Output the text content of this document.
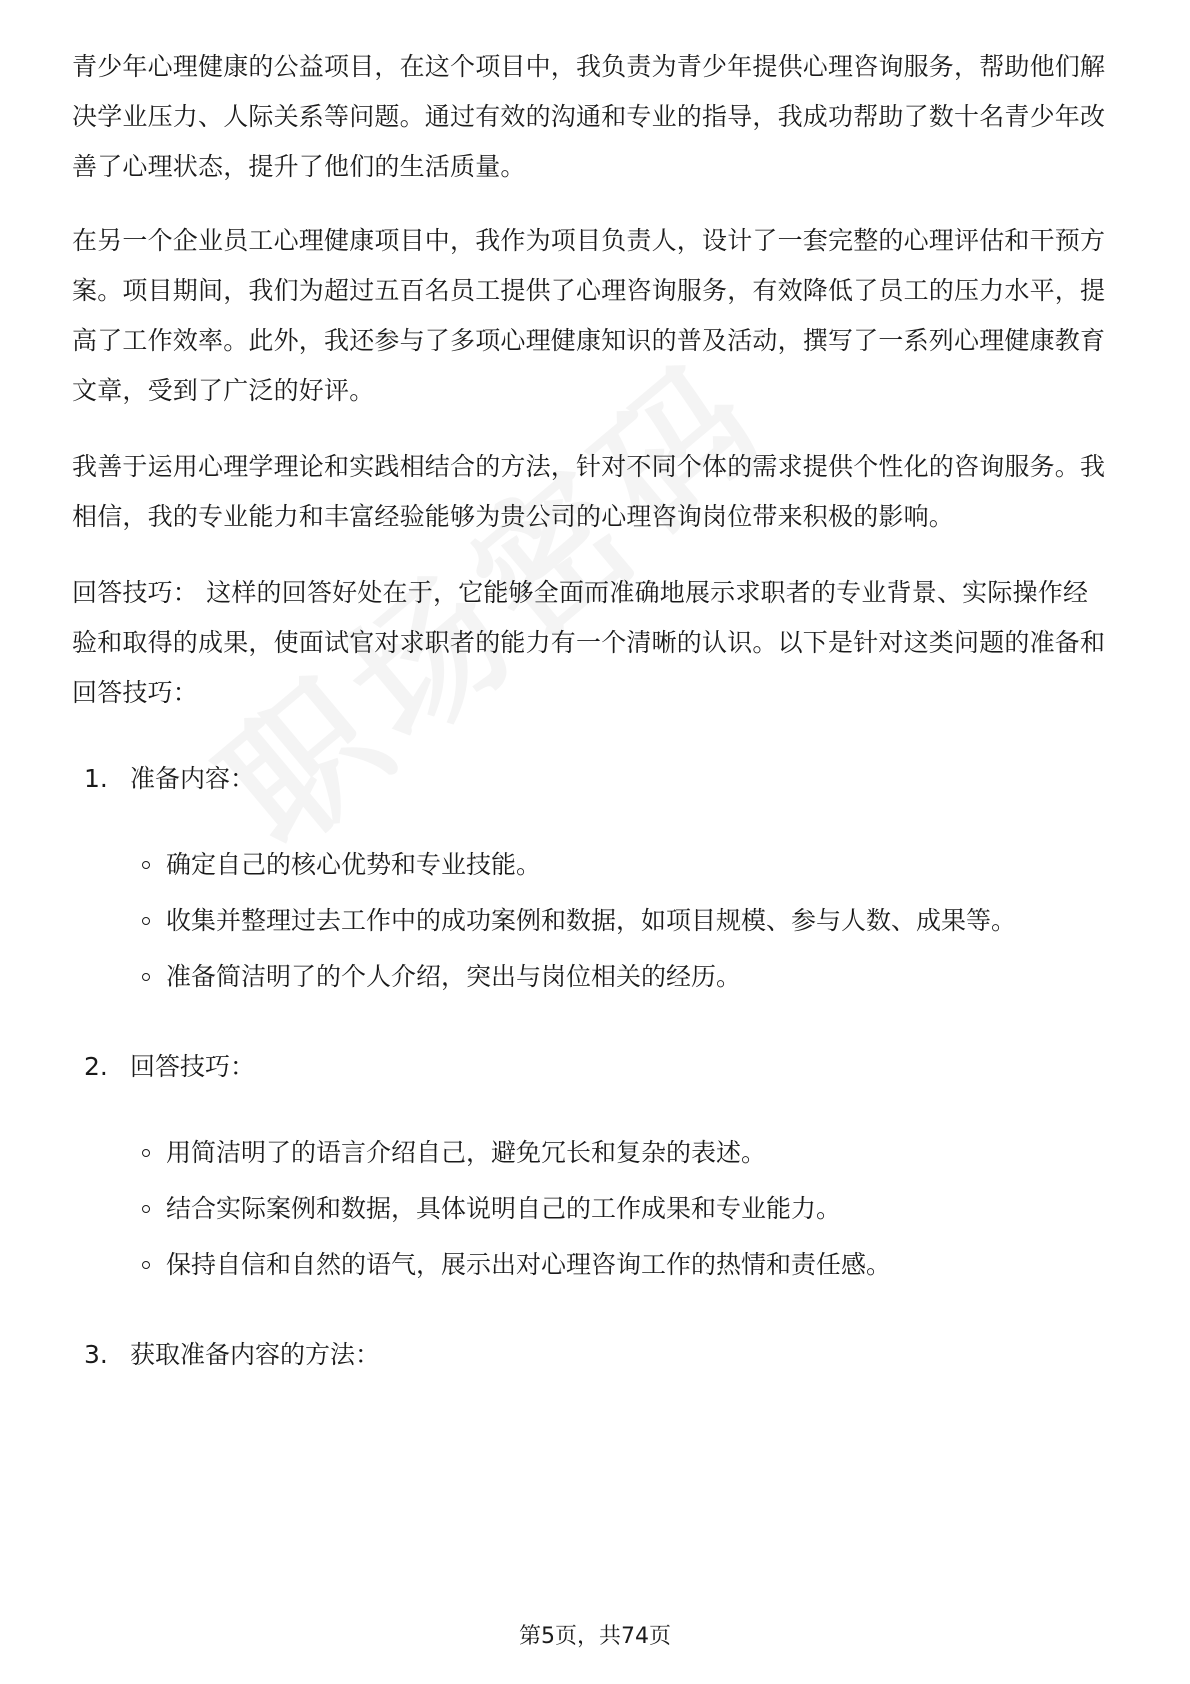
青少年心理健康的公益项目，在这个项目中，我负责为青少年提供心理咨询服务，帮助他们解决学业压力、人际关系等问题。通过有效的沟通和专业的指导，我成功帮助了数十名青少年改善了心理状态，提升了他们的生活质量。

在另一个企业员工心理健康项目中，我作为项目负责人，设计了一套完整的心理评估和干预方案。项目期间，我们为超过五百名员工提供了心理咨询服务，有效降低了员工的压力水平，提高了工作效率。此外，我还参与了多项心理健康知识的普及活动，撰写了一系列心理健康教育文章，受到了广泛的好评。

我善于运用心理学理论和实践相结合的方法，针对不同个体的需求提供个性化的咨询服务。我相信，我的专业能力和丰富经验能够为贵公司的心理咨询岗位带来积极的影响。

回答技巧： 这样的回答好处在于，它能够全面而准确地展示求职者的专业背景、实际操作经验和取得的成果，使面试官对求职者的能力有一个清晰的认识。以下是针对这类问题的准备和回答技巧：

1. 准备内容：
确定自己的核心优势和专业技能。
收集并整理过去工作中的成功案例和数据，如项目规模、参与人数、成果等。
准备简洁明了的个人介绍，突出与岗位相关的经历。
2. 回答技巧：
用简洁明了的语言介绍自己，避免冗长和复杂的表述。
结合实际案例和数据，具体说明自己的工作成果和专业能力。
保持自信和自然的语气，展示出对心理咨询工作的热情和责任感。
3. 获取准备内容的方法：
第5页，共74页
